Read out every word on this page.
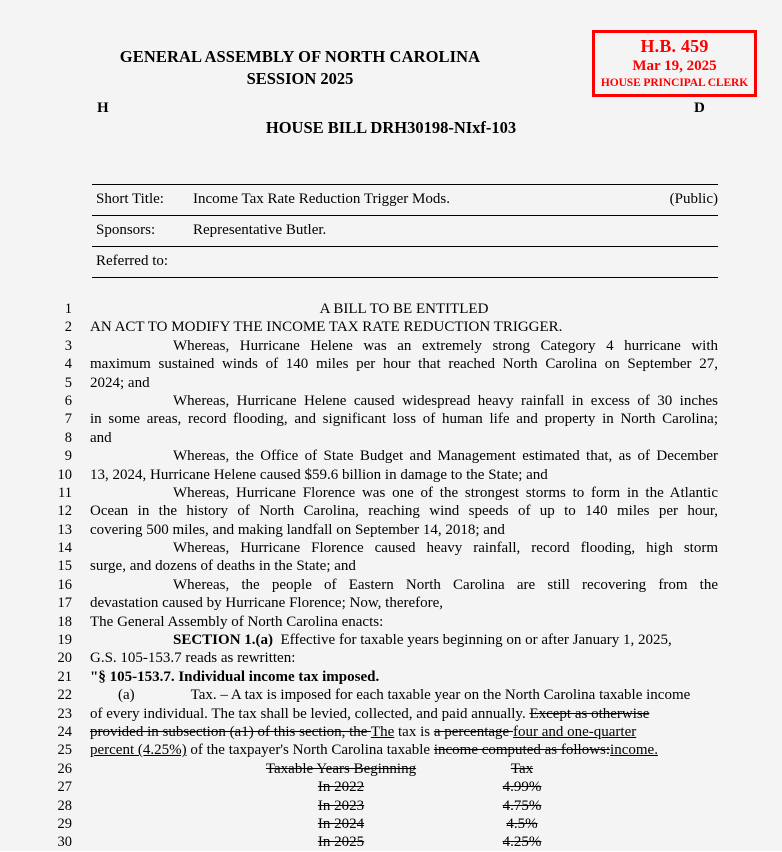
H.B. 459
Mar 19, 2025
HOUSE PRINCIPAL CLERK
GENERAL ASSEMBLY OF NORTH CAROLINA
SESSION 2025
H	D
HOUSE BILL DRH30198-NIxf-103
Short Title:	Income Tax Rate Reduction Trigger Mods.	(Public)
Sponsors:	Representative Butler.	
Referred to:		
1	A BILL TO BE ENTITLED
2 AN ACT TO MODIFY THE INCOME TAX RATE REDUCTION TRIGGER.
3	Whereas, Hurricane Helene was an extremely strong Category 4 hurricane with
4 maximum sustained winds of 140 miles per hour that reached North Carolina on September 27,
5 2024; and
6	Whereas, Hurricane Helene caused widespread heavy rainfall in excess of 30 inches
7 in some areas, record flooding, and significant loss of human life and property in North Carolina;
8 and
9	Whereas, the Office of State Budget and Management estimated that, as of December
10 13, 2024, Hurricane Helene caused $59.6 billion in damage to the State; and
11	Whereas, Hurricane Florence was one of the strongest storms to form in the Atlantic
12 Ocean in the history of North Carolina, reaching wind speeds of up to 140 miles per hour,
13 covering 500 miles, and making landfall on September 14, 2018; and
14	Whereas, Hurricane Florence caused heavy rainfall, record flooding, high storm
15 surge, and dozens of deaths in the State; and
16	Whereas, the people of Eastern North Carolina are still recovering from the
17 devastation caused by Hurricane Florence; Now, therefore,
18 The General Assembly of North Carolina enacts:
19	SECTION 1.(a) Effective for taxable years beginning on or after January 1, 2025,
20 G.S. 105-153.7 reads as rewritten:
21 "§ 105-153.7. Individual income tax imposed.
22	(a)	Tax. – A tax is imposed for each taxable year on the North Carolina taxable income
23 of every individual. The tax shall be levied, collected, and paid annually. Except as otherwise
24 provided in subsection (a1) of this section, the The tax is a percentage four and one-quarter
25 percent (4.25%) of the taxpayer's North Carolina taxable income computed as follows:income.
26	Taxable Years Beginning	Tax
27	In 2022	4.99%
28	In 2023	4.75%
29	In 2024	4.5%
30	In 2025	4.25%
